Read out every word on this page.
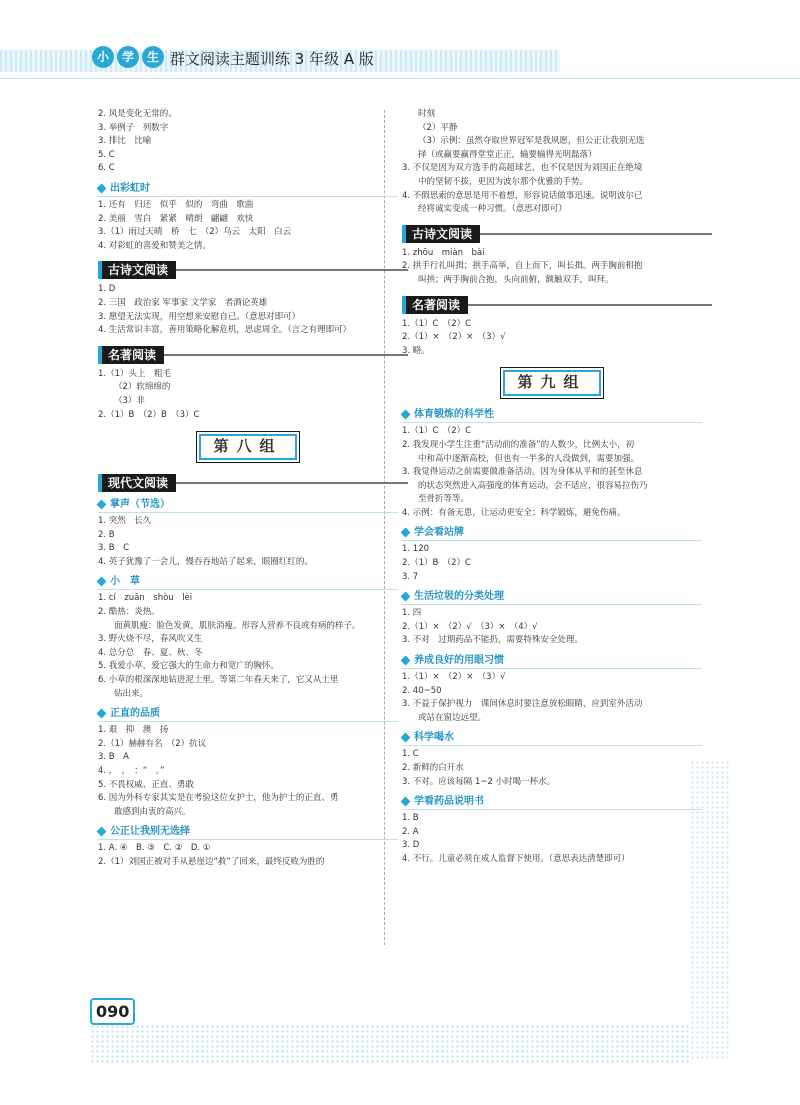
小	学	生 群文阅读主题训练 3 年级 A 版
2. 风是变化无常的。
3. 举例子　列数字
3. 排比　比喻
5. C
6. C
出彩虹时
1. 还有　归还　似乎　似的　弯曲　歌曲
2. 美丽　雪白　紧紧　晴朗　翩翩　欢快
3.（1）雨过天晴　桥　七　（2）乌云　太阳　白云
4. 对彩虹的喜爱和赞美之情。
古诗文阅读
1. D
2. 三国　政治家 军事家 文学家　者酒论英雄
3. 愿望无法实现，用空想来安慰自己。（意思对即可）
4. 生活常识丰富，善用策略化解危机，思虑周全。（言之有理即可）
名著阅读
1.（1）头上　粗毛
（2）软绵绵的
（3）非
2.（1）B　（2）B　（3）C
第八组
现代文阅读
掌声（节选）
1. 突然　长久
2. B
3. B　C
4. 英子犹豫了一会儿，慢吞吞地站了起来，眼圈红红的。
小　草
1. cí　zuān　shòu　lèi
2. 酷热：炎热。
面黄肌瘦：脸色发黄，肌肤消瘦。形容人营养不良或有病的样子。
3. 野火烧不尽，春风吹又生
4. 总分总　春、夏、秋、冬
5. 我爱小草，爱它强大的生命力和宽广的胸怀。
6. 小草的根深深地钻进泥土里。等第二年春天来了，它又从土里
钻出来。
正直的品质
1. 艰　抑　澳　扬
2.（1）赫赫有名　（2）抗议
3. B　A
4. ，　，　：“　。”
5. 不畏权威、正直、勇敢
6. 因为外科专家其实是在考验这位女护士，他为护士的正直、勇
敢感到由衷的高兴。
公正让我别无选择
1. A. ④　B. ③　C. ②　D. ①
2.（1）刘国正被对手从悬崖边“救”了回来，最终反败为胜的
时刻
（2）平静
（3）示例：虽然夺取世界冠军是我夙愿，但公正让我别无选
择（或赢要赢得堂堂正正，输要输得光明磊落）
3. 不仅是因为双方选手的高超球艺，也不仅是因为刘国正在绝境
中的坚韧不拔，更因为波尔那个优雅的手势。
4. 不假思索的意思是用不着想，形容说话做事迅速。说明波尔已
经将诚实变成一种习惯。（意思对即可）
古诗文阅读
1. zhōu　miàn　bài
2. 拱手行礼叫揖；拱手高举，自上而下，叫长揖。两手胸前相抱
叫拱；两手胸前合抱，头向前俯，额触双手，叫拜。
名著阅读
1.（1）C　（2）C
2.（1）×　（2）×　（3）√
3. 略。
第九组
体育锻炼的科学性
1.（1）C　（2）C
2. 我发现小学生注重“活动前的准备”的人数少，比例太小，初
中和高中逐渐高校，但也有一半多的人没做到，需要加强。
3. 我觉得运动之前需要做准备活动。因为身体从平和的甚至休息
的状态突然进入高强度的体育运动，会不适应，很容易拉伤乃
至骨折等等。
4. 示例：有备无患，让运动更安全；科学锻炼，避免伤痛。
学会看站牌
1. 120
2.（1）B　（2）C
3. 7
生活垃圾的分类处理
1. 四
2.（1）×　（2）√　（3）×　（4）√
3. 不对　过期药品不能扔，需要特殊安全处理。
养成良好的用眼习惯
1.（1）×　（2）×　（3）√
2. 40~50
3. 不益于保护视力　课间休息时要注意放松眼睛，应到室外活动
或站在窗边远望。
科学喝水
1. C
2. 新鲜的白开水
3. 不对。应该每隔 1~2 小时喝一杯水。
学看药品说明书
1. B
2. A
3. D
4. 不行。儿童必须在成人监督下使用。（意思表达清楚即可）
090
